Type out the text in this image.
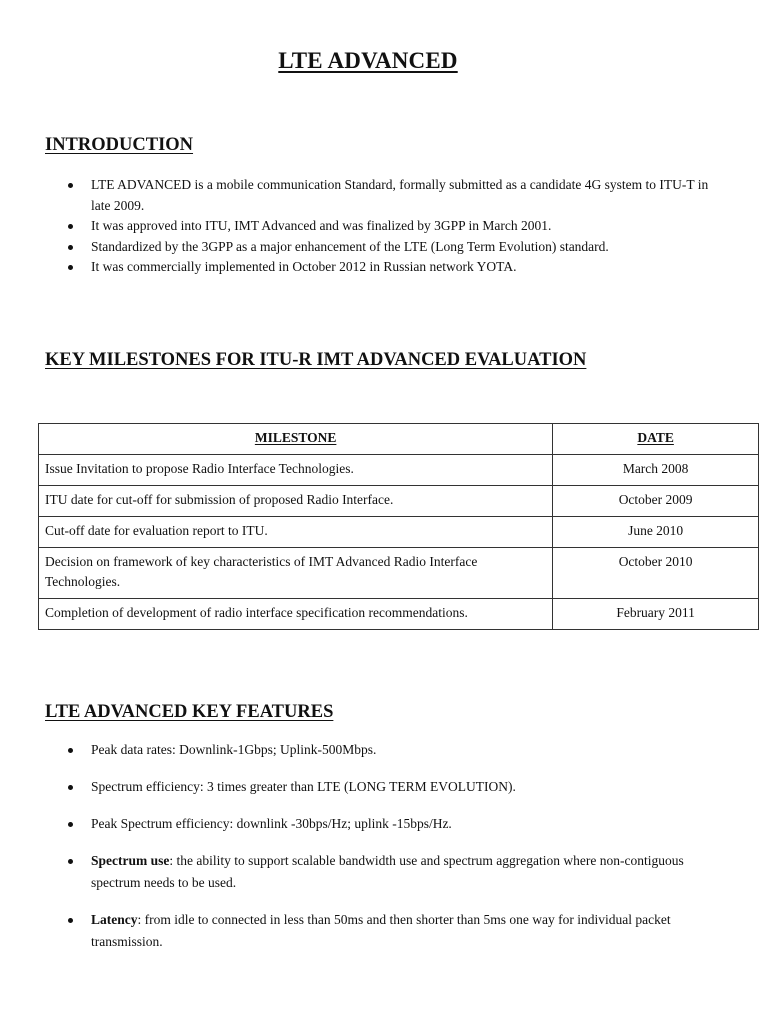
LTE ADVANCED
INTRODUCTION
LTE ADVANCED is a mobile communication Standard, formally submitted as a candidate 4G system to ITU-T in late 2009.
It was approved into ITU, IMT Advanced and was finalized by 3GPP in March 2001.
Standardized by the 3GPP as a major enhancement of the LTE (Long Term Evolution) standard.
It was commercially implemented in October 2012 in Russian network YOTA.
KEY MILESTONES FOR ITU-R IMT ADVANCED EVALUATION
MILESTONE	DATE
Issue Invitation to propose Radio Interface Technologies.	March 2008
ITU date for cut-off for submission of proposed Radio Interface.	October 2009
Cut-off date for evaluation report to ITU.	June 2010
Decision on framework of key characteristics of IMT Advanced Radio Interface Technologies.	October 2010
Completion of development of radio interface specification recommendations.	February 2011
LTE ADVANCED KEY FEATURES
Peak data rates: Downlink-1Gbps; Uplink-500Mbps.
Spectrum efficiency: 3 times greater than LTE (LONG TERM EVOLUTION).
Peak Spectrum efficiency: downlink -30bps/Hz; uplink -15bps/Hz.
Spectrum use: the ability to support scalable bandwidth use and spectrum aggregation where non-contiguous spectrum needs to be used.
Latency: from idle to connected in less than 50ms and then shorter than 5ms one way for individual packet transmission.
